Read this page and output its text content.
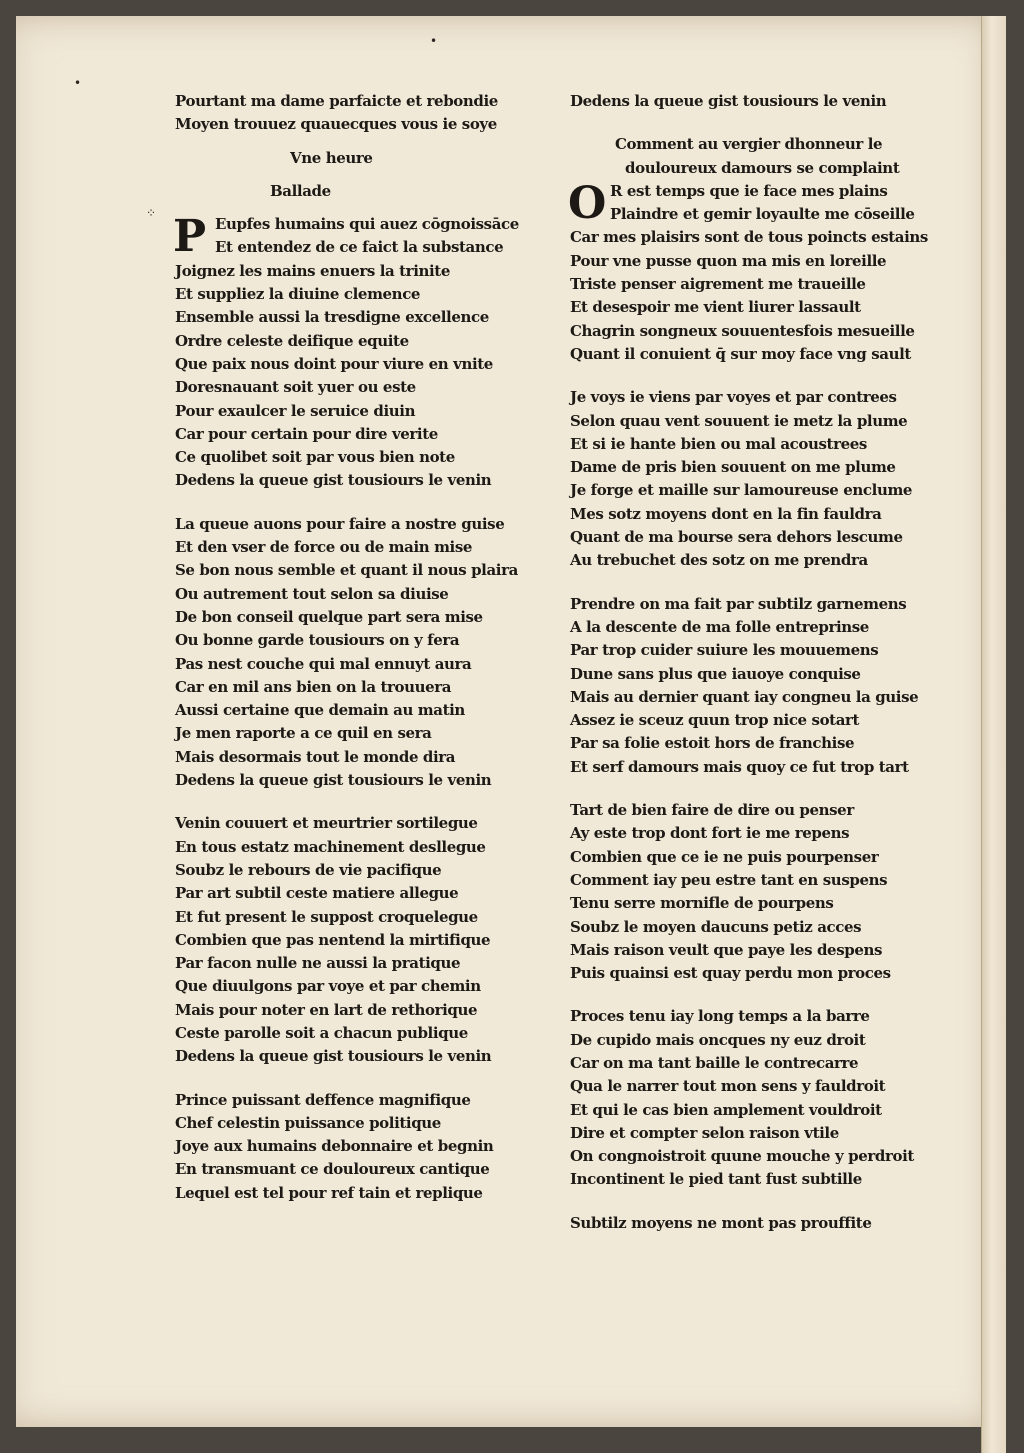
•
•
⁘
Pourtant ma dame parfaicte et rebondie
Moyen trouuez quauecques vous ie soye
Vne heure
Ballade
P Eupfes humains qui auez cōgnoissāce
Et entendez de ce faict la substance
Joignez les mains enuers la trinite
Et suppliez la diuine clemence
Ensemble aussi la tresdigne excellence
Ordre celeste deifique equite
Que paix nous doint pour viure en vnite
Doresnauant soit yuer ou este
Pour exaulcer le seruice diuin
Car pour certain pour dire verite
Ce quolibet soit par vous bien note
Dedens la queue gist tousiours le venin
La queue auons pour faire a nostre guise
Et den vser de force ou de main mise
Se bon nous semble et quant il nous plaira
Ou autrement tout selon sa diuise
De bon conseil quelque part sera mise
Ou bonne garde tousiours on y fera
Pas nest couche qui mal ennuyt aura
Car en mil ans bien on la trouuera
Aussi certaine que demain au matin
Je men raporte a ce quil en sera
Mais desormais tout le monde dira
Dedens la queue gist tousiours le venin
Venin couuert et meurtrier sortilegue
En tous estatz machinement desllegue
Soubz le rebours de vie pacifique
Par art subtil ceste matiere allegue
Et fut present le suppost croquelegue
Combien que pas nentend la mirtifique
Par facon nulle ne aussi la pratique
Que diuulgons par voye et par chemin
Mais pour noter en lart de rethorique
Ceste parolle soit a chacun publique
Dedens la queue gist tousiours le venin
Prince puissant deffence magnifique
Chef celestin puissance politique
Joye aux humains debonnaire et begnin
En transmuant ce douloureux cantique
Lequel est tel pour ref tain et replique
Dedens la queue gist tousiours le venin
Comment au vergier dhonneur le
douloureux damours se complaint
O R est temps que ie face mes plains
Plaindre et gemir loyaulte me cōseille
Car mes plaisirs sont de tous poincts estains
Pour vne pusse quon ma mis en loreille
Triste penser aigrement me traueille
Et desespoir me vient liurer lassault
Chagrin songneux souuentesfois mesueille
Quant il conuient q̄ sur moy face vng sault
Je voys ie viens par voyes et par contrees
Selon quau vent souuent ie metz la plume
Et si ie hante bien ou mal acoustrees
Dame de pris bien souuent on me plume
Je forge et maille sur lamoureuse enclume
Mes sotz moyens dont en la fin fauldra
Quant de ma bourse sera dehors lescume
Au trebuchet des sotz on me prendra
Prendre on ma fait par subtilz garnemens
A la descente de ma folle entreprinse
Par trop cuider suiure les mouuemens
Dune sans plus que iauoye conquise
Mais au dernier quant iay congneu la guise
Assez ie sceuz quun trop nice sotart
Par sa folie estoit hors de franchise
Et serf damours mais quoy ce fut trop tart
Tart de bien faire de dire ou penser
Ay este trop dont fort ie me repens
Combien que ce ie ne puis pourpenser
Comment iay peu estre tant en suspens
Tenu serre mornifle de pourpens
Soubz le moyen daucuns petiz acces
Mais raison veult que paye les despens
Puis quainsi est quay perdu mon proces
Proces tenu iay long temps a la barre
De cupido mais oncques ny euz droit
Car on ma tant baille le contrecarre
Qua le narrer tout mon sens y fauldroit
Et qui le cas bien amplement vouldroit
Dire et compter selon raison vtile
On congnoistroit quune mouche y perdroit
Incontinent le pied tant fust subtille
Subtilz moyens ne mont pas prouffite
